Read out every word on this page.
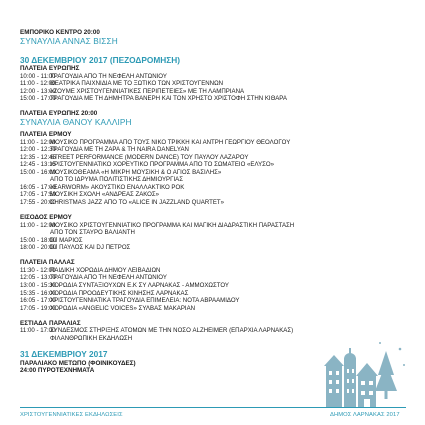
ΕΜΠΟΡΙΚΟ ΚΕΝΤΡΟ 20:00
ΣΥΝΑΥΛΙΑ ΑΝΝΑΣ ΒΙΣΣΗ
30 ΔΕΚΕΜΒΡΙΟΥ 2017 (ΠΕΖΟΔΡΟΜΗΣΗ)
ΠΛΑΤΕΙΑ ΕΥΡΩΠΗΣ
10:00 - 11:00
ΤΡΑΓΟΥΔΙΑ ΑΠΟ ΤΗ ΝΕΦΕΛΗ ΑΝΤΩΝΙΟΥ
11:00 - 12:00
ΘΕΑΤΡΙΚΑ ΠΑΙΧΝΙΔΙΑ ΜΕ ΤΟ ΞΩΤΙΚΟ ΤΩΝ ΧΡΙΣΤΟΥΓΕΝΝΩΝ
12:00 - 13:00
«ΖΟΥΜΕ ΧΡΙΣΤΟΥΓΕΝΝΙΑΤΙΚΕΣ ΠΕΡΙΠΕΤΕΙΕΣ» ΜΕ ΤΗ ΛΑΜΠΡΙΑΝΑ
15:00 - 17:00
ΤΡΑΓΟΥΔΙΑ ΜΕ ΤΗ ΔΗΜΗΤΡΑ ΒΑΝΕΡΗ ΚΑΙ ΤΟΝ ΧΡΗΣΤΟ ΧΡΙΣΤΟΦΗ ΣΤΗΝ ΚΙΘΑΡΑ
ΠΛΑΤΕΙΑ ΕΥΡΩΠΗΣ 20:00
ΣΥΝΑΥΛΙΑ ΘΑΝΟΥ ΚΑΛΛΙΡΗ
ΠΛΑΤΕΙΑ ΕΡΜΟΥ
11:00 - 12:00
ΜΟΥΣΙΚΟ ΠΡΟΓΡΑΜΜΑ ΑΠΟ ΤΟΥΣ ΝΙΚΟ ΤΡΙΚΚΗ ΚΑΙ ΑΝΤΡΗ ΓΕΩΡΓΙΟΥ ΘΕΟΛΟΓΟΥ
12:00 - 12:30
ΤΡΑΓΟΥΔΙΑ ΜΕ ΤΗ ZAPA & ΤΗ NAIRA DANELYAN
12:35 - 12:45
STREET PERFORMANCE (MODERN DANCE) ΤΟΥ ΠΑΥΛΟΥ ΛΑΖΑΡΟΥ
12:45 - 13:15
ΧΡΙΣΤΟΥΓΕΝΝΙΑΤΙΚΟ ΧΟΡΕΥΤΙΚΟ ΠΡΟΓΡΑΜΜΑ ΑΠΟ ΤΟ ΣΩΜΑΤΕΙΟ «ΕΛΥΣΟ»
15:00 - 16:00
ΜΟΥΣΙΚΟΘΕΑΜΑ «Η ΜΙΚΡΗ ΜΟΥΣΙΚΗ & Ο ΑΓΙΟΣ ΒΑΣΙΛΗΣ»
ΑΠΟ ΤΟ ΙΔΡΥΜΑ ΠΟΛΙΤΙΣΤΙΚΗΣ ΔΗΜΙΟΥΡΓΙΑΣ
16:05 - 17:00
«EARWORM» ΑΚΟΥΣΤΙΚΟ ΕΝΑΛΛΑΚΤΙΚΟ ΡΟΚ
17:05 - 17:50
ΜΟΥΣΙΚΗ ΣΧΟΛΗ «ΑΝΔΡΕΑΣ ΖΑΚΟΣ»
17:55 - 20:00
CHRISTMAS JAZZ ΑΠΟ ΤΟ «ALICE IN JAZZLAND QUARTET»
ΕΙΣΟΔΟΣ ΕΡΜΟΥ
11:00 - 12:00
ΜΟΥΣΙΚΟ ΧΡΙΣΤΟΥΓΕΝΝΙΑΤΙΚΟ ΠΡΟΓΡΑΜΜΑ ΚΑΙ ΜΑΓΙΚΗ ΔΙΑΔΡΑΣΤΙΚΗ ΠΑΡΑΣΤΑΣΗ
ΑΠΟ ΤΟΝ ΣΤΑΥΡΟ ΒΑΛΙΑΝΤΗ
15:00 - 18:00
DJ ΜΑΡΙΟΣ
18:00 - 20:00
DJ ΠΑΥΛΟΣ ΚΑΙ DJ ΠΕΤΡΟΣ
ΠΛΑΤΕΙΑ ΠΑΛΛΑΣ
11:30 - 12:00
ΠΑΙΔΙΚΗ ΧΟΡΩΔΙΑ ΔΗΜΟΥ ΛΕΙΒΑΔΙΩΝ
12:05 - 13:00
ΤΡΑΓΟΥΔΙΑ ΑΠΟ ΤΗ ΝΕΦΕΛΗ ΑΝΤΩΝΙΟΥ
13:00 - 15:30
ΧΟΡΩΔΙΑ ΣΥΝΤΑΞΙΟΥΧΩΝ Ε.Κ ΣΥ ΛΑΡΝΑΚΑΣ - ΑΜΜΟΧΩΣΤΟΥ
15:35 - 16:00
ΧΟΡΩΔΙΑ ΠΡΟΟΔΕΥΤΙΚΗΣ ΚΙΝΗΣΗΣ ΛΑΡΝΑΚΑΣ
16:05 - 17:00
ΧΡΙΣΤΟΥΓΕΝΝΙΑΤΙΚΑ ΤΡΑΓΟΥΔΙΑ ΕΠΙΜΕΛΕΙΑ: ΝΟΤΑ ΑΒΡΑΑΜΙΔΟΥ
17:05 - 19:00
ΧΟΡΩΔΙΑ «ANGELIC VOICES» ΣΥΛΒΑΣ ΜΑΚΑΡΙΑΝ
ΕΣΤΙΑΔΑ ΠΑΡΑΛΙΑΣ
11:00 - 17:00
ΣΥΝΔΕΣΜΟΣ ΣΤΗΡΙΞΗΣ ΑΤΟΜΩΝ ΜΕ ΤΗΝ ΝΟΣΟ ALZHEIMER (ΕΠΑΡΧΙΑ ΛΑΡΝΑΚΑΣ)
ΦΙΛΑΝΘΡΩΠΙΚΗ ΕΚΔΗΛΩΣΗ
31 ΔΕΚΕΜΒΡΙΟΥ 2017
ΠΑΡΑΛΙΑΚΟ ΜΕΤΩΠΟ (ΦΟΙΝΙΚΟΥΔΕΣ)
24:00 ΠΥΡΟΤΕΧΝΗΜΑΤΑ
ΧΡΙΣΤΟΥΓΕΝΝΙΑΤΙΚΕΣ ΕΚΔΗΛΩΣΕΙΣ	ΔΗΜΟΣ ΛΑΡΝΑΚΑΣ 2017
